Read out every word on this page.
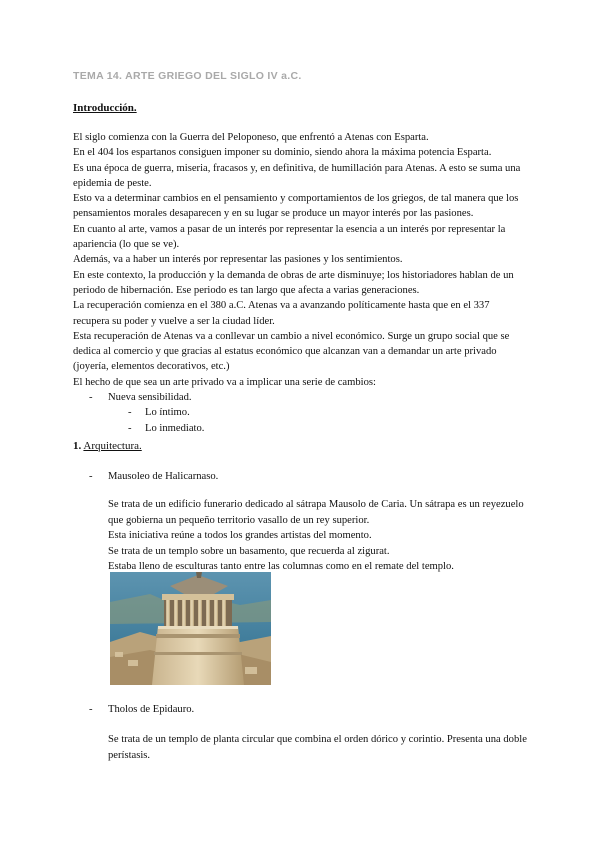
TEMA 14. ARTE GRIEGO DEL SIGLO IV a.C.
Introducción.

El siglo comienza con la Guerra del Peloponeso, que enfrentó a Atenas con Esparta.

En el 404 los espartanos consiguen imponer su dominio, siendo ahora la máxima potencia Esparta.

Es una época de guerra, miseria, fracasos y, en definitiva, de humillación para Atenas. A esto se suma una epidemia de peste.

Esto va a determinar cambios en el pensamiento y comportamientos de los griegos, de tal manera que los pensamientos morales desaparecen y en su lugar se produce un mayor interés por las pasiones.

En cuanto al arte, vamos a pasar de un interés por representar la esencia a un interés por representar la apariencia (lo que se ve).

Además, va a haber un interés por representar las pasiones y los sentimientos.

En este contexto, la producción y la demanda de obras de arte disminuye; los historiadores hablan de un periodo de hibernación. Ese periodo es tan largo que afecta a varias generaciones.

La recuperación comienza en el 380 a.C. Atenas va a avanzando políticamente hasta que en el 337 recupera su poder y vuelve a ser la ciudad líder.

Esta recuperación de Atenas va a conllevar un cambio a nivel económico. Surge un grupo social que se dedica al comercio y que gracias al estatus económico que alcanzan van a demandar un arte privado (joyería, elementos decorativos, etc.)

El hecho de que sea un arte privado va a implicar una serie de cambios:

- Nueva sensibilidad.

- Lo íntimo.

- Lo inmediato.

1. Arquitectura.
- Mausoleo de Halicarnaso.

Se trata de un edificio funerario dedicado al sátrapa Mausolo de Caria. Un sátrapa es un reyezuelo que gobierna un pequeño territorio vasallo de un rey superior.

Esta iniciativa reúne a todos los grandes artistas del momento.

Se trata de un templo sobre un basamento, que recuerda al zigurat.

Estaba lleno de esculturas tanto entre las columnas como en el remate del templo.

- Tholos de Epidauro.

Se trata de un templo de planta circular que combina el orden dórico y corintio. Presenta una doble perístasis.
